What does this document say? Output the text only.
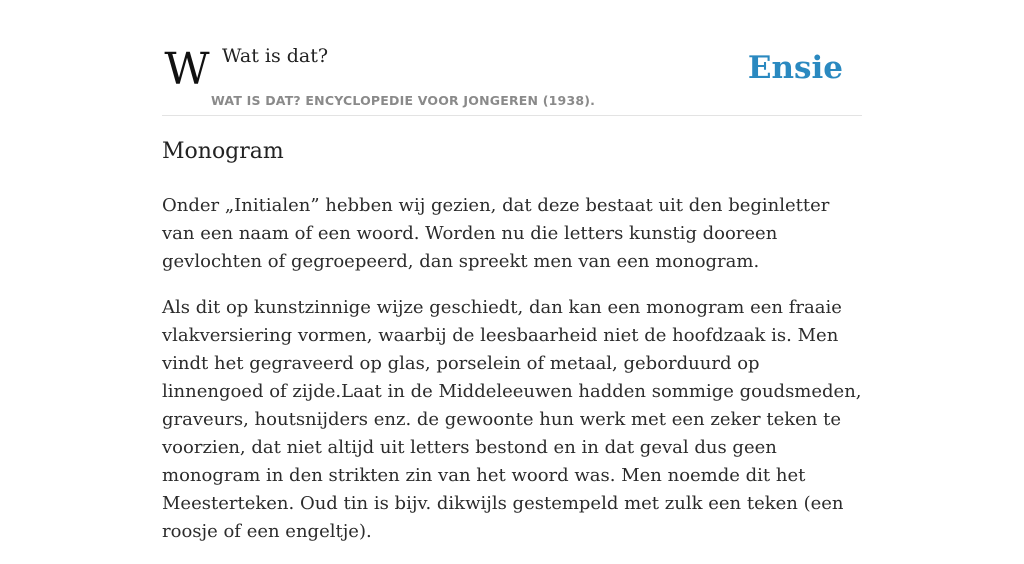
W Wat is dat?
WAT IS DAT? ENCYCLOPEDIE VOOR JONGEREN (1938).
Ensie
Monogram

Onder „Initialen” hebben wij gezien, dat deze bestaat uit den beginletter van een naam of een woord. Worden nu die letters kunstig dooreen gevlochten of gegroepeerd, dan spreekt men van een monogram.

Als dit op kunstzinnige wijze geschiedt, dan kan een monogram een fraaie vlakversiering vormen, waarbij de leesbaarheid niet de hoofdzaak is. Men vindt het gegraveerd op glas, porselein of metaal, geborduurd op linnengoed of zijde.Laat in de Middeleeuwen hadden sommige goudsmeden, graveurs, houtsnijders enz. de gewoonte hun werk met een zeker teken te voorzien, dat niet altijd uit letters bestond en in dat geval dus geen monogram in den strikten zin van het woord was. Men noemde dit het Meesterteken. Oud tin is bijv. dikwijls gestempeld met zulk een teken (een roosje of een engeltje).
